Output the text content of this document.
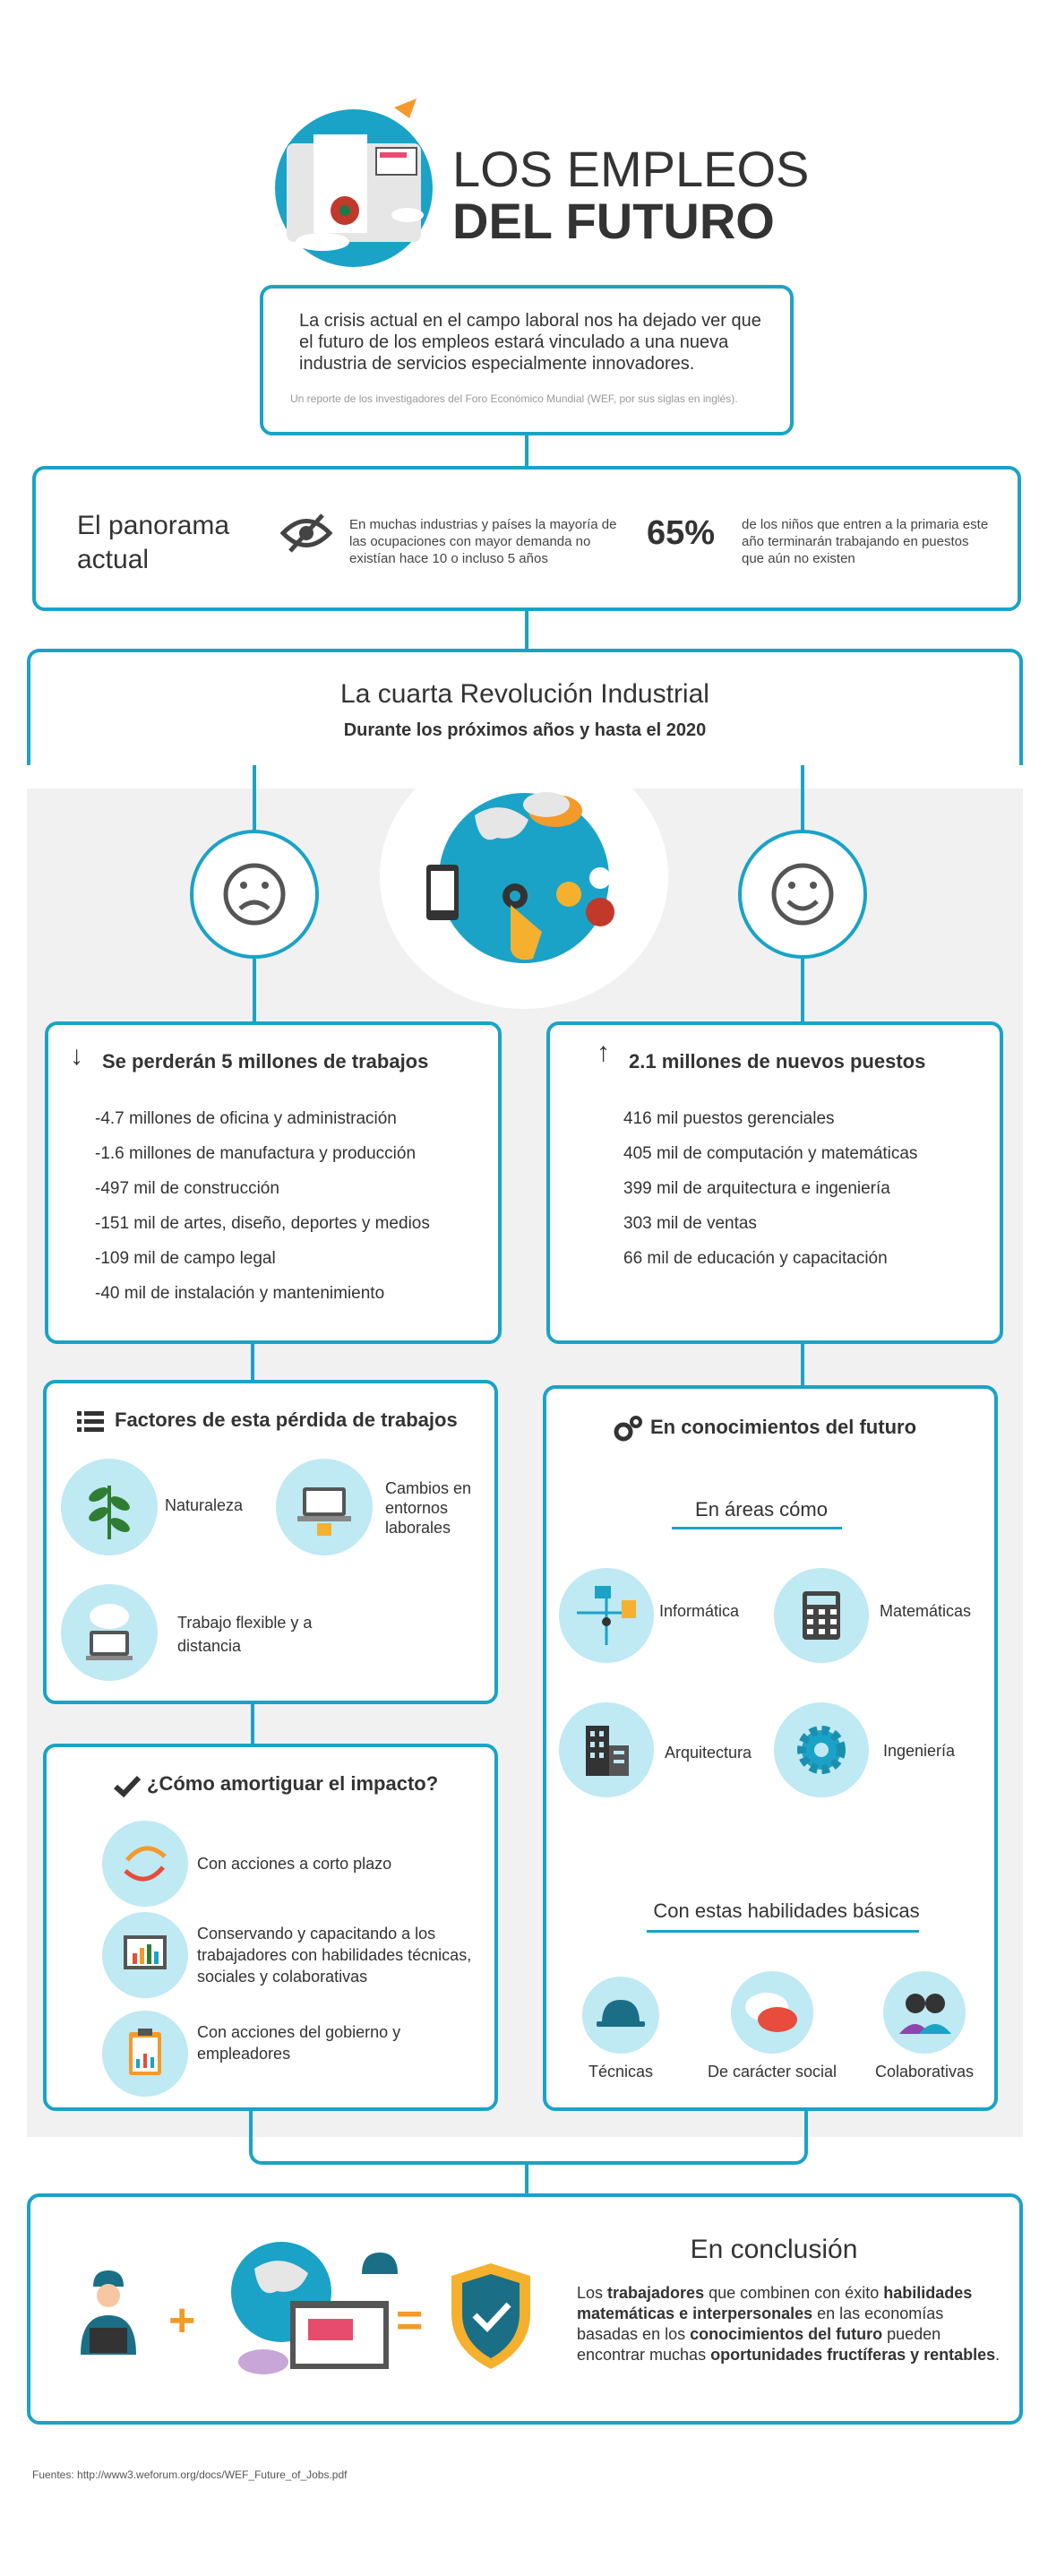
LOS EMPLEOS
DEL FUTURO
La crisis actual en el campo laboral nos ha dejado ver que el futuro de los empleos estará vinculado a una nueva industria de servicios especialmente innovadores.
Un reporte de los investigadores del Foro Económico Mundial (WEF, por sus siglas en inglés).
El panorama actual
En muchas industrias y países la mayoría de las ocupaciones con mayor demanda no existían hace 10 o incluso 5 años
65% de los niños que entren a la primaria este año terminarán trabajando en puestos que aún no existen
La cuarta Revolución Industrial
Durante los próximos años y hasta el 2020
↓ Se perderán 5 millones de trabajos
-4.7 millones de oficina y administración
-1.6 millones de manufactura y producción
-497 mil de construcción
-151 mil de artes, diseño, deportes y medios
-109 mil de campo legal
-40 mil de instalación y mantenimiento
↑ 2.1 millones de nuevos puestos
416 mil puestos gerenciales
405 mil de computación y matemáticas
399 mil de arquitectura e ingeniería
303 mil de ventas
66 mil de educación y capacitación
Factores de esta pérdida de trabajos
Naturaleza
Cambios en entornos laborales
Trabajo flexible y a distancia
¿Cómo amortiguar el impacto?
Con acciones a corto plazo
Conservando y capacitando a los trabajadores con habilidades técnicas, sociales y colaborativas
Con acciones del gobierno y empleadores
En conocimientos del futuro
En áreas cómo
Informática	Matemáticas
Arquitectura	Ingeniería
Con estas habilidades básicas
Técnicas	De carácter social	Colaborativas
+	=
En conclusión
Los trabajadores que combinen con éxito habilidades matemáticas e interpersonales en las economías basadas en los conocimientos del futuro pueden encontrar muchas oportunidades fructíferas y rentables.
Fuentes: http://www3.weforum.org/docs/WEF_Future_of_Jobs.pdf
